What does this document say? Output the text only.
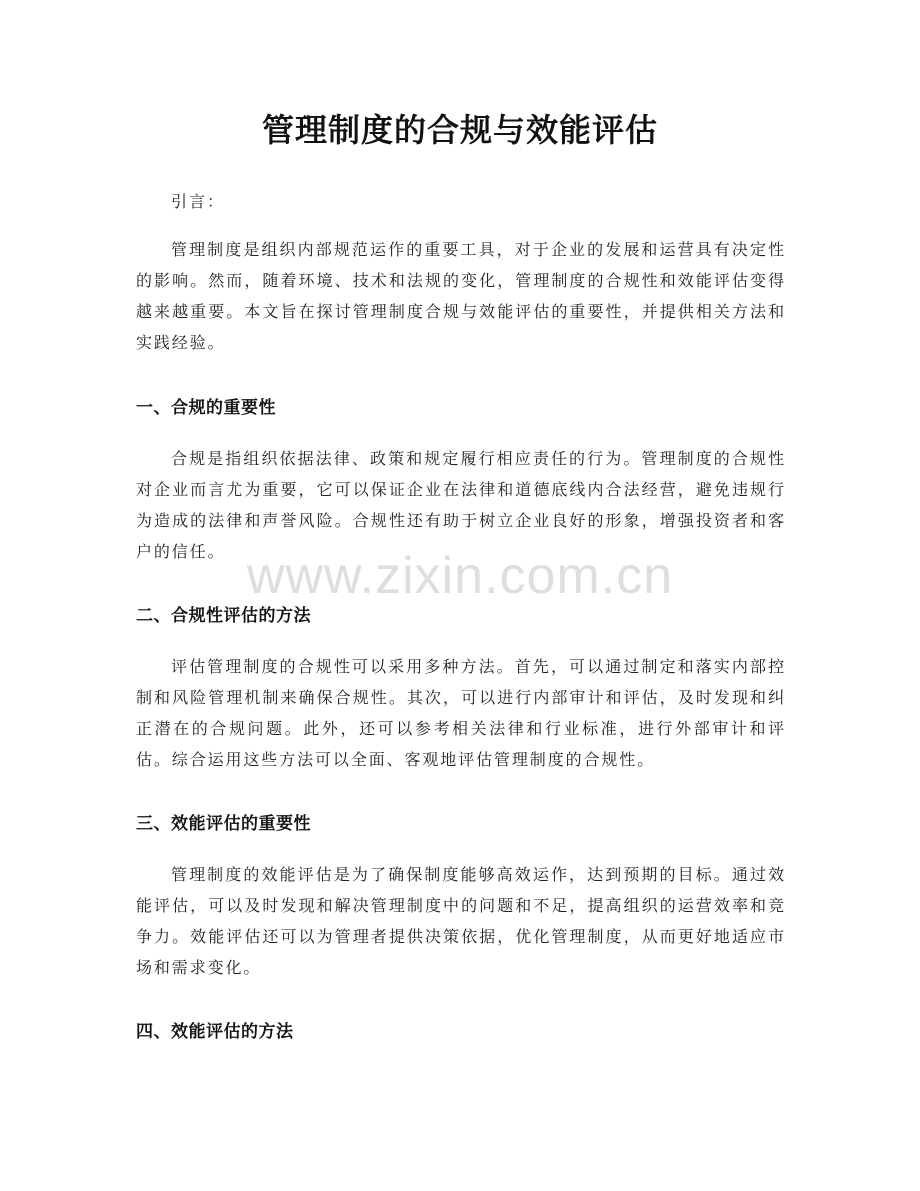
管理制度的合规与效能评估

引言：

管理制度是组织内部规范运作的重要工具，对于企业的发展和运营具有决定性的影响。然而，随着环境、技术和法规的变化，管理制度的合规性和效能评估变得越来越重要。本文旨在探讨管理制度合规与效能评估的重要性，并提供相关方法和实践经验。

一、合规的重要性

合规是指组织依据法律、政策和规定履行相应责任的行为。管理制度的合规性对企业而言尤为重要，它可以保证企业在法律和道德底线内合法经营，避免违规行为造成的法律和声誉风险。合规性还有助于树立企业良好的形象，增强投资者和客户的信任。

二、合规性评估的方法

评估管理制度的合规性可以采用多种方法。首先，可以通过制定和落实内部控制和风险管理机制来确保合规性。其次，可以进行内部审计和评估，及时发现和纠正潜在的合规问题。此外，还可以参考相关法律和行业标准，进行外部审计和评估。综合运用这些方法可以全面、客观地评估管理制度的合规性。

三、效能评估的重要性

管理制度的效能评估是为了确保制度能够高效运作，达到预期的目标。通过效能评估，可以及时发现和解决管理制度中的问题和不足，提高组织的运营效率和竞争力。效能评估还可以为管理者提供决策依据，优化管理制度，从而更好地适应市场和需求变化。

四、效能评估的方法
www.zixin.com.cn
